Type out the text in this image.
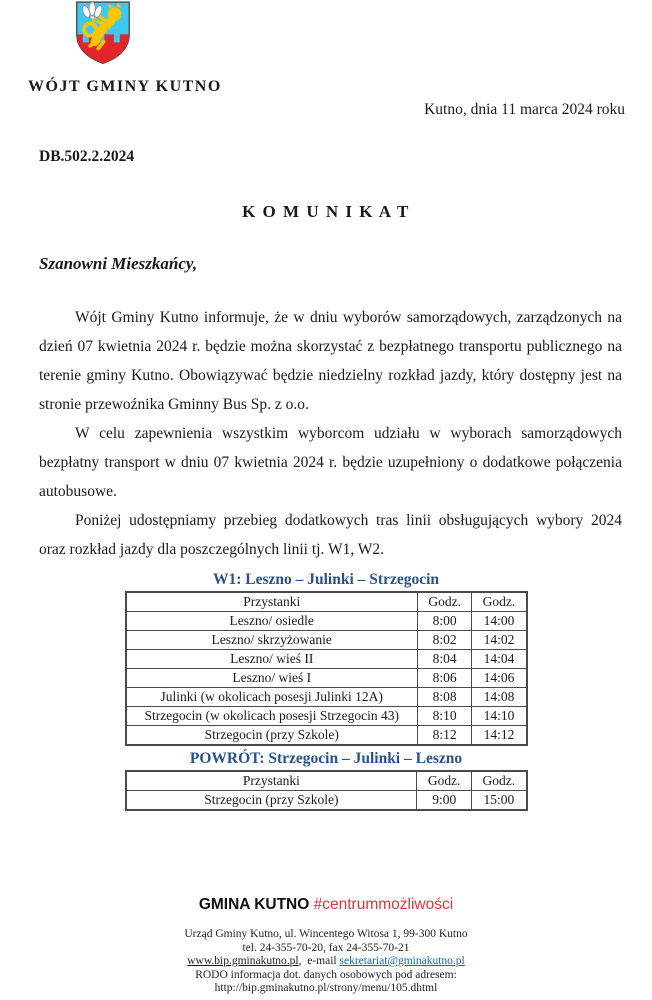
WÓJT GMINY KUTNO
Kutno, dnia 11 marca 2024 roku
DB.502.2.2024
K O M U N I K A T
Szanowni Mieszkańcy,

Wójt Gminy Kutno informuje, że w dniu wyborów samorządowych, zarządzonych na dzień 07 kwietnia 2024 r. będzie można skorzystać z bezpłatnego transportu publicznego na terenie gminy Kutno. Obowiązywać będzie niedzielny rozkład jazdy, który dostępny jest na stronie przewoźnika Gminny Bus Sp. z o.o.

W celu zapewnienia wszystkim wyborcom udziału w wyborach samorządowych bezpłatny transport w dniu 07 kwietnia 2024 r. będzie uzupełniony o dodatkowe połączenia autobusowe.

Poniżej udostępniamy przebieg dodatkowych tras linii obsługujących wybory 2024 oraz rozkład jazdy dla poszczególnych linii tj. W1, W2.

W1: Leszno – Julinki – Strzegocin
Przystanki	Godz.	Godz.
Leszno/ osiedle	8:00	14:00
Leszno/ skrzyżowanie	8:02	14:02
Leszno/ wieś II	8:04	14:04
Leszno/ wieś I	8:06	14:06
Julinki (w okolicach posesji Julinki 12A)	8:08	14:08
Strzegocin (w okolicach posesji Strzegocin 43)	8:10	14:10
Strzegocin (przy Szkole)	8:12	14:12
POWRÓT: Strzegocin – Julinki – Leszno
Przystanki	Godz.	Godz.
Strzegocin (przy Szkole)	9:00	15:00
GMINA KUTNO #centrummożliwości
Urząd Gminy Kutno, ul. Wincentego Witosa 1, 99-300 Kutno
tel. 24-355-70-20, fax 24-355-70-21
www.bip.gminakutno.pl,  e-mail sekretariat@gminakutno.pl
RODO informacja dot. danych osobowych pod adresem:
http://bip.gminakutno.pl/strony/menu/105.dhtml
